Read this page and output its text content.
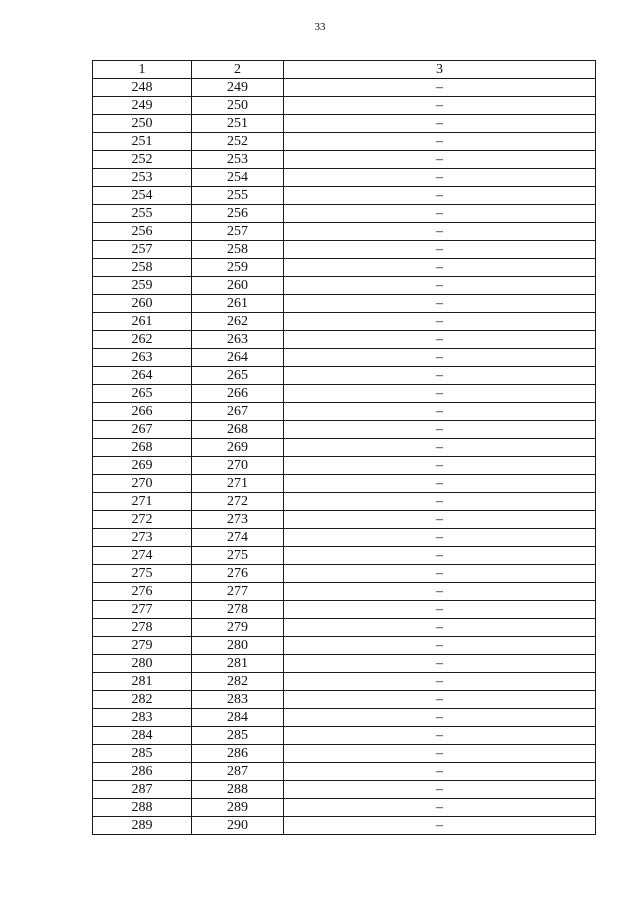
33
1	2	3
248	249	–
249	250	–
250	251	–
251	252	–
252	253	–
253	254	–
254	255	–
255	256	–
256	257	–
257	258	–
258	259	–
259	260	–
260	261	–
261	262	–
262	263	–
263	264	–
264	265	–
265	266	–
266	267	–
267	268	–
268	269	–
269	270	–
270	271	–
271	272	–
272	273	–
273	274	–
274	275	–
275	276	–
276	277	–
277	278	–
278	279	–
279	280	–
280	281	–
281	282	–
282	283	–
283	284	–
284	285	–
285	286	–
286	287	–
287	288	–
288	289	–
289	290	–
